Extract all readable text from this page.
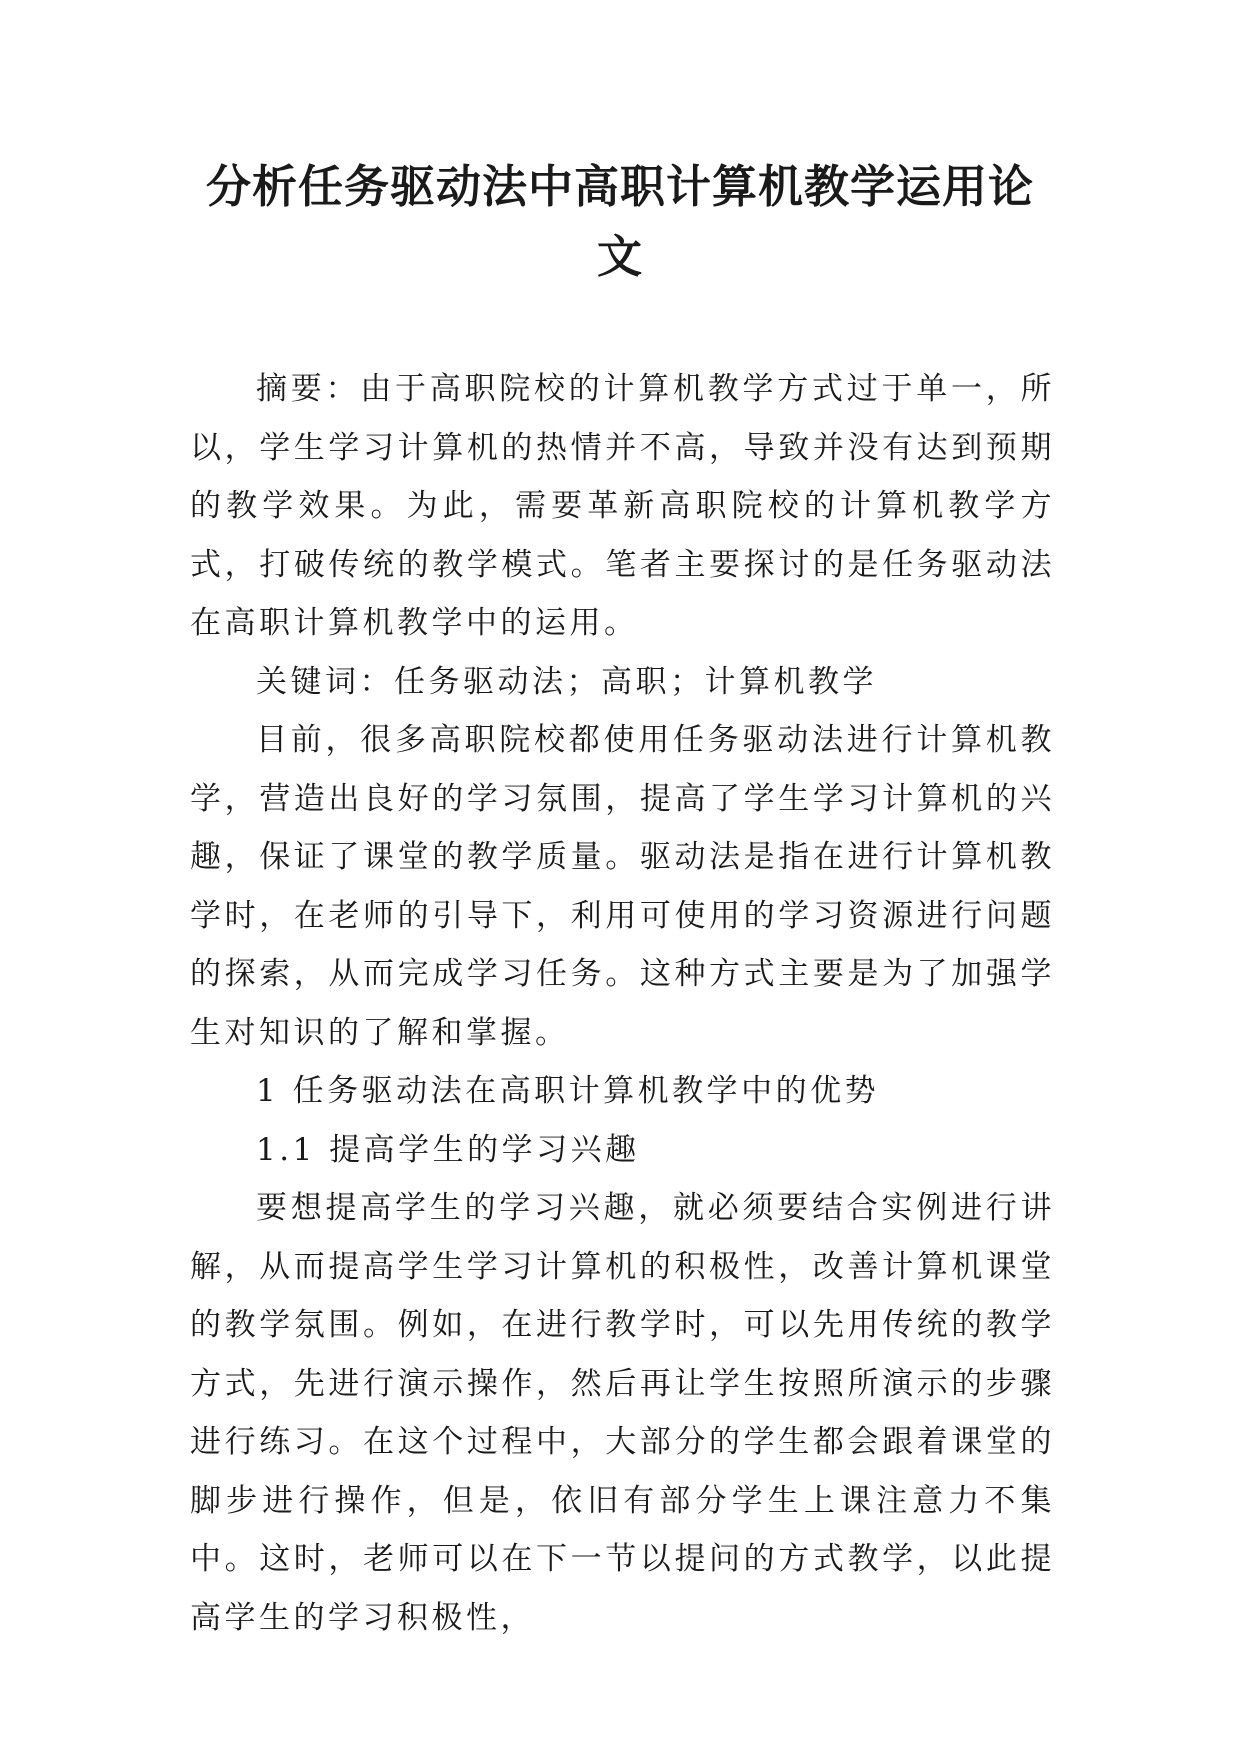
分析任务驱动法中高职计算机教学运用论文

摘要：由于高职院校的计算机教学方式过于单一，所以，学生学习计算机的热情并不高，导致并没有达到预期的教学效果。为此，需要革新高职院校的计算机教学方式，打破传统的教学模式。笔者主要探讨的是任务驱动法在高职计算机教学中的运用。

关键词：任务驱动法；高职；计算机教学

目前，很多高职院校都使用任务驱动法进行计算机教学，营造出良好的学习氛围，提高了学生学习计算机的兴趣，保证了课堂的教学质量。驱动法是指在进行计算机教学时，在老师的引导下，利用可使用的学习资源进行问题的探索，从而完成学习任务。这种方式主要是为了加强学生对知识的了解和掌握。

1 任务驱动法在高职计算机教学中的优势

1.1 提高学生的学习兴趣

要想提高学生的学习兴趣，就必须要结合实例进行讲解，从而提高学生学习计算机的积极性，改善计算机课堂的教学氛围。例如，在进行教学时，可以先用传统的教学方式，先进行演示操作，然后再让学生按照所演示的步骤进行练习。在这个过程中，大部分的学生都会跟着课堂的脚步进行操作，但是，依旧有部分学生上课注意力不集中。这时，老师可以在下一节以提问的方式教学，以此提高学生的学习积极性，
